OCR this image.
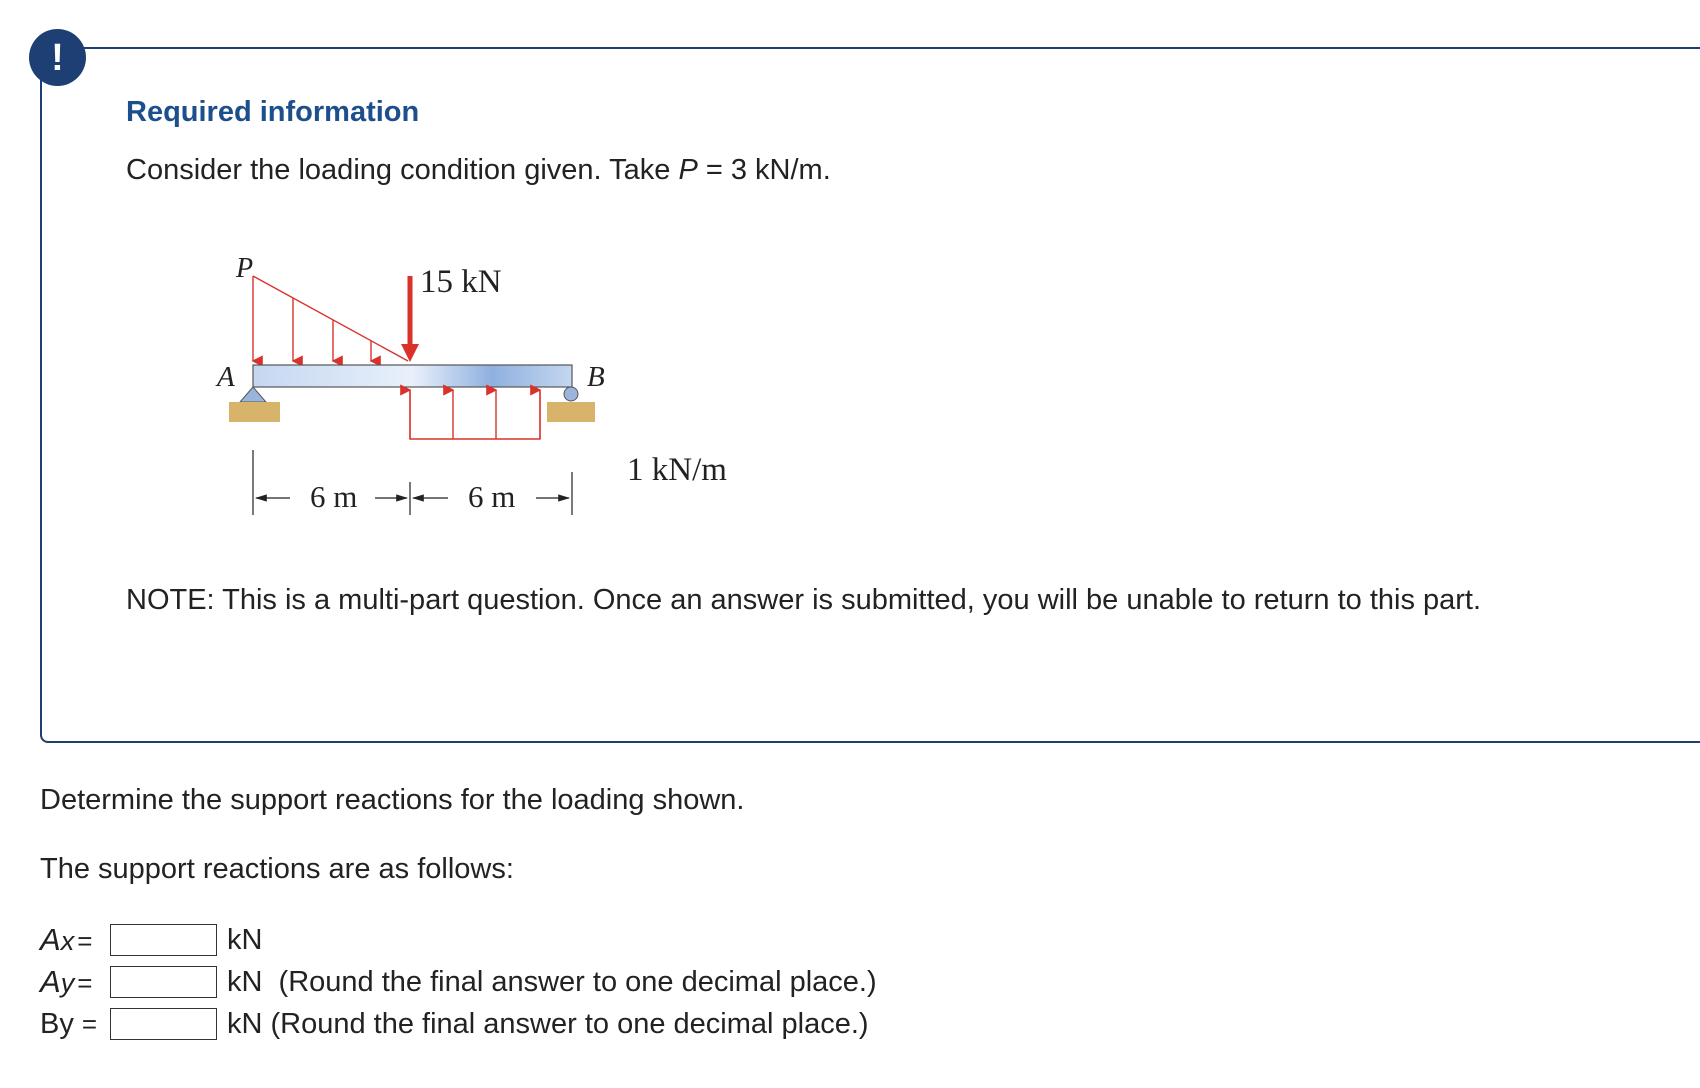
!
Required information
Consider the loading condition given. Take P = 3 kN/m.
15 kN
P
A	B
1 kN/m
6 m	6 m
NOTE: This is a multi-part question. Once an answer is submitted, you will be unable to return to this part.
Determine the support reactions for the loading shown.
The support reactions are as follows:
A x =	kN
A y =	kN  (Round the final answer to one decimal place.)
By =	kN (Round the final answer to one decimal place.)
